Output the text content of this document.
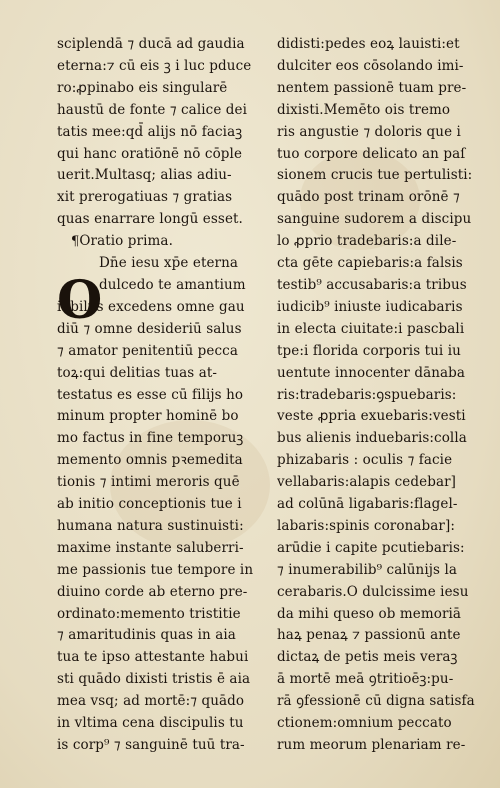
sciplendā ⁊ ducā ad gaudia
eterna:⁊ cū eis ꝫ i luc pduce
ro:ꝓpinabo eis singularē
haustū de fonte ⁊ calice dei
tatis mee:qd̄ alijs nō faciaꝫ
qui hanc oratiōnē nō cōple
uerit.Multasq; alias adiu-
xit prerogatiuas ⁊ gratias
quas enarrare longū esset.
¶Oratio prima.
O
Dn̄e iesu xp̄e eterna
dulcedo te amantium
iubilus excedens omne gau
diū ⁊ omne desideriū salus
⁊ amator penitentiū pecca
toꝝ:qui delitias tuas at-
testatus es esse cū filijs ho
minum propter hominē bo
mo factus in fine temporuꝫ
memento omnis pꝛemedita
tionis ⁊ intimi meroris quē
ab initio conceptionis tue i
humana natura sustinuisti:
maxime instante saluberri-
me passionis tue tempore in
diuino corde ab eterno pre-
ordinato:memento tristitie
⁊ amaritudinis quas in aia
tua te ipso attestante habui
sti quādo dixisti tristis ē aia
mea vsq; ad mortē:⁊ quādo
in vltima cena discipulis tu
is corp⁹ ⁊ sanguinē tuū tra-
didisti:pedes eoꝝ lauisti:et
dulciter eos cōsolando imi-
nentem passionē tuam pre-
dixisti.Memēto ois tremo
ris angustie ⁊ doloris que i
tuo corpore delicato an paſ
sionem crucis tue pertulisti:
quādo post trinam orōnē ⁊
sanguine sudorem a discipu
lo ꝓprio tradebaris:a dile-
cta gēte capiebaris:a falsis
testib⁹ accusabaris:a tribus
iudicib⁹ iniuste iudicabaris
in electa ciuitate:i pascbali
tpe:i florida corporis tui iu
uentute innocenter dānaba
ris:tradebaris:ꝯspuebaris:
veste ꝓpria exuebaris:vesti
bus alienis induebaris:colla
phizabaris : oculis ⁊ facie
vellabaris:alapis cedebar]
ad colūnā ligabaris:flagel-
labaris:spinis coronabar]:
arūdie i capite pcutiebaris:
⁊ inumerabilib⁹ calūnijs la
cerabaris.O dulcissime iesu
da mihi queso ob memoriā
haꝝ penaꝝ ⁊ passionū ante
dictaꝝ de petis meis veraꝫ
ā mortē meā ꝯtritioēꝫ:pu-
rā ꝯfessionē cū digna satisfa
ctionem:omnium peccato
rum meorum plenariam re-
